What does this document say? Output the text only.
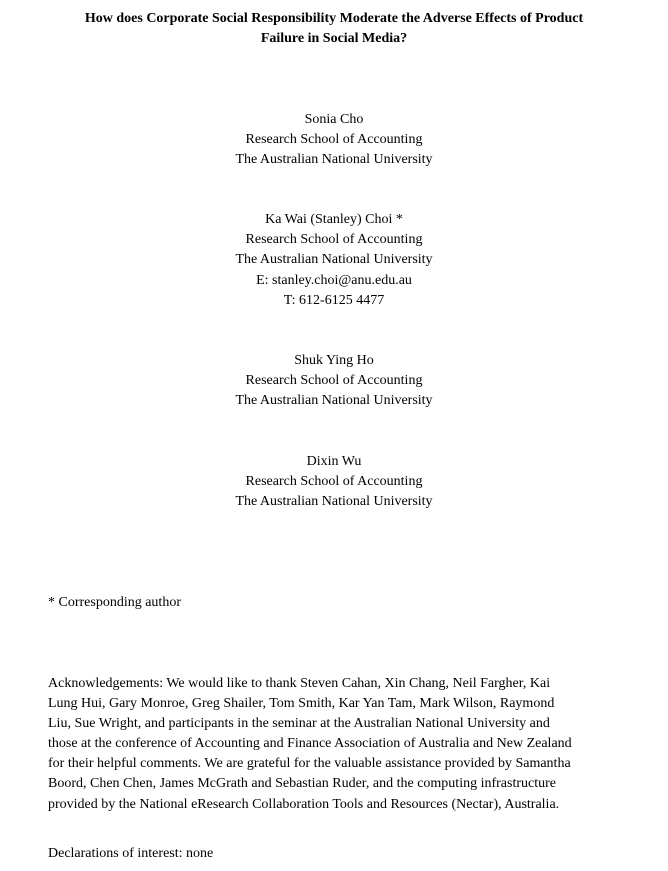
How does Corporate Social Responsibility Moderate the Adverse Effects of Product
Failure in Social Media?
Sonia Cho
Research School of Accounting
The Australian National University
Ka Wai (Stanley) Choi *
Research School of Accounting
The Australian National University
E: stanley.choi@anu.edu.au
T: 612-6125 4477
Shuk Ying Ho
Research School of Accounting
The Australian National University
Dixin Wu
Research School of Accounting
The Australian National University
* Corresponding author
Acknowledgements: We would like to thank Steven Cahan, Xin Chang, Neil Fargher, Kai
Lung Hui, Gary Monroe, Greg Shailer, Tom Smith, Kar Yan Tam, Mark Wilson, Raymond
Liu, Sue Wright, and participants in the seminar at the Australian National University and
those at the conference of Accounting and Finance Association of Australia and New Zealand
for their helpful comments. We are grateful for the valuable assistance provided by Samantha
Boord, Chen Chen, James McGrath and Sebastian Ruder, and the computing infrastructure
provided by the National eResearch Collaboration Tools and Resources (Nectar), Australia.
Declarations of interest: none
